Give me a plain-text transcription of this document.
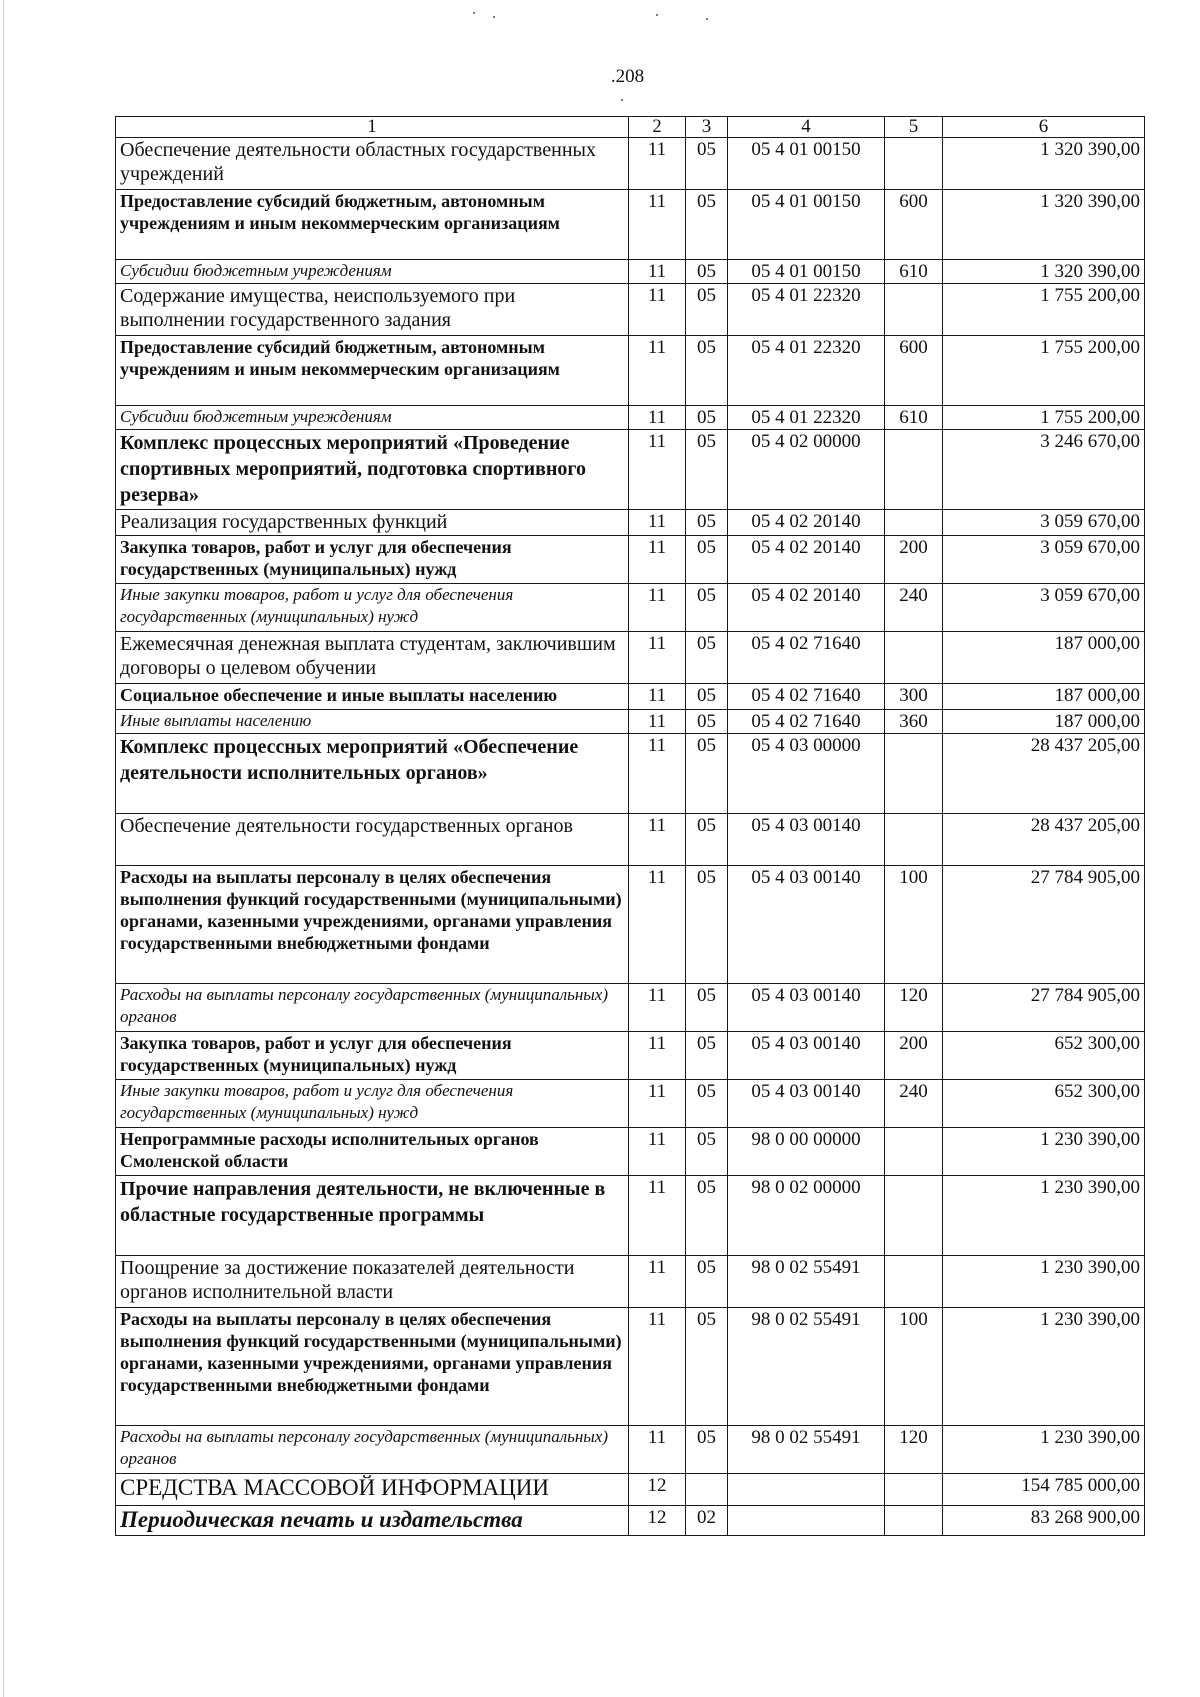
.208
1	2	3	4	5	6
Обеспечение деятельности областных государственных учреждений	11	05	05 4 01 00150		1 320 390,00
Предоставление субсидий бюджетным, автономным учреждениям и иным некоммерческим организациям	11	05	05 4 01 00150	600	1 320 390,00
Субсидии бюджетным учреждениям	11	05	05 4 01 00150	610	1 320 390,00
Содержание имущества, неиспользуемого при выполнении государственного задания	11	05	05 4 01 22320		1 755 200,00
Предоставление субсидий бюджетным, автономным учреждениям и иным некоммерческим организациям	11	05	05 4 01 22320	600	1 755 200,00
Субсидии бюджетным учреждениям	11	05	05 4 01 22320	610	1 755 200,00
Комплекс процессных мероприятий «Проведение спортивных мероприятий, подготовка спортивного резерва»	11	05	05 4 02 00000		3 246 670,00
Реализация государственных функций	11	05	05 4 02 20140		3 059 670,00
Закупка товаров, работ и услуг для обеспечения государственных (муниципальных) нужд	11	05	05 4 02 20140	200	3 059 670,00
Иные закупки товаров, работ и услуг для обеспечения государственных (муниципальных) нужд	11	05	05 4 02 20140	240	3 059 670,00
Ежемесячная денежная выплата студентам, заключившим договоры о целевом обучении	11	05	05 4 02 71640		187 000,00
Социальное обеспечение и иные выплаты населению	11	05	05 4 02 71640	300	187 000,00
Иные выплаты населению	11	05	05 4 02 71640	360	187 000,00
Комплекс процессных мероприятий «Обеспечение деятельности исполнительных органов»	11	05	05 4 03 00000		28 437 205,00
Обеспечение деятельности государственных органов	11	05	05 4 03 00140		28 437 205,00
Расходы на выплаты персоналу в целях обеспечения выполнения функций государственными (муниципальными) органами, казенными учреждениями, органами управления государственными внебюджетными фондами	11	05	05 4 03 00140	100	27 784 905,00
Расходы на выплаты персоналу государственных (муниципальных) органов	11	05	05 4 03 00140	120	27 784 905,00
Закупка товаров, работ и услуг для обеспечения государственных (муниципальных) нужд	11	05	05 4 03 00140	200	652 300,00
Иные закупки товаров, работ и услуг для обеспечения государственных (муниципальных) нужд	11	05	05 4 03 00140	240	652 300,00
Непрограммные расходы исполнительных органов Смоленской области	11	05	98 0 00 00000		1 230 390,00
Прочие направления деятельности, не включенные в областные государственные программы	11	05	98 0 02 00000		1 230 390,00
Поощрение за достижение показателей деятельности органов исполнительной власти	11	05	98 0 02 55491		1 230 390,00
Расходы на выплаты персоналу в целях обеспечения выполнения функций государственными (муниципальными) органами, казенными учреждениями, органами управления государственными внебюджетными фондами	11	05	98 0 02 55491	100	1 230 390,00
Расходы на выплаты персоналу государственных (муниципальных) органов	11	05	98 0 02 55491	120	1 230 390,00
СРЕДСТВА МАССОВОЙ ИНФОРМАЦИИ	12				154 785 000,00
Периодическая печать и издательства	12	02			83 268 900,00
